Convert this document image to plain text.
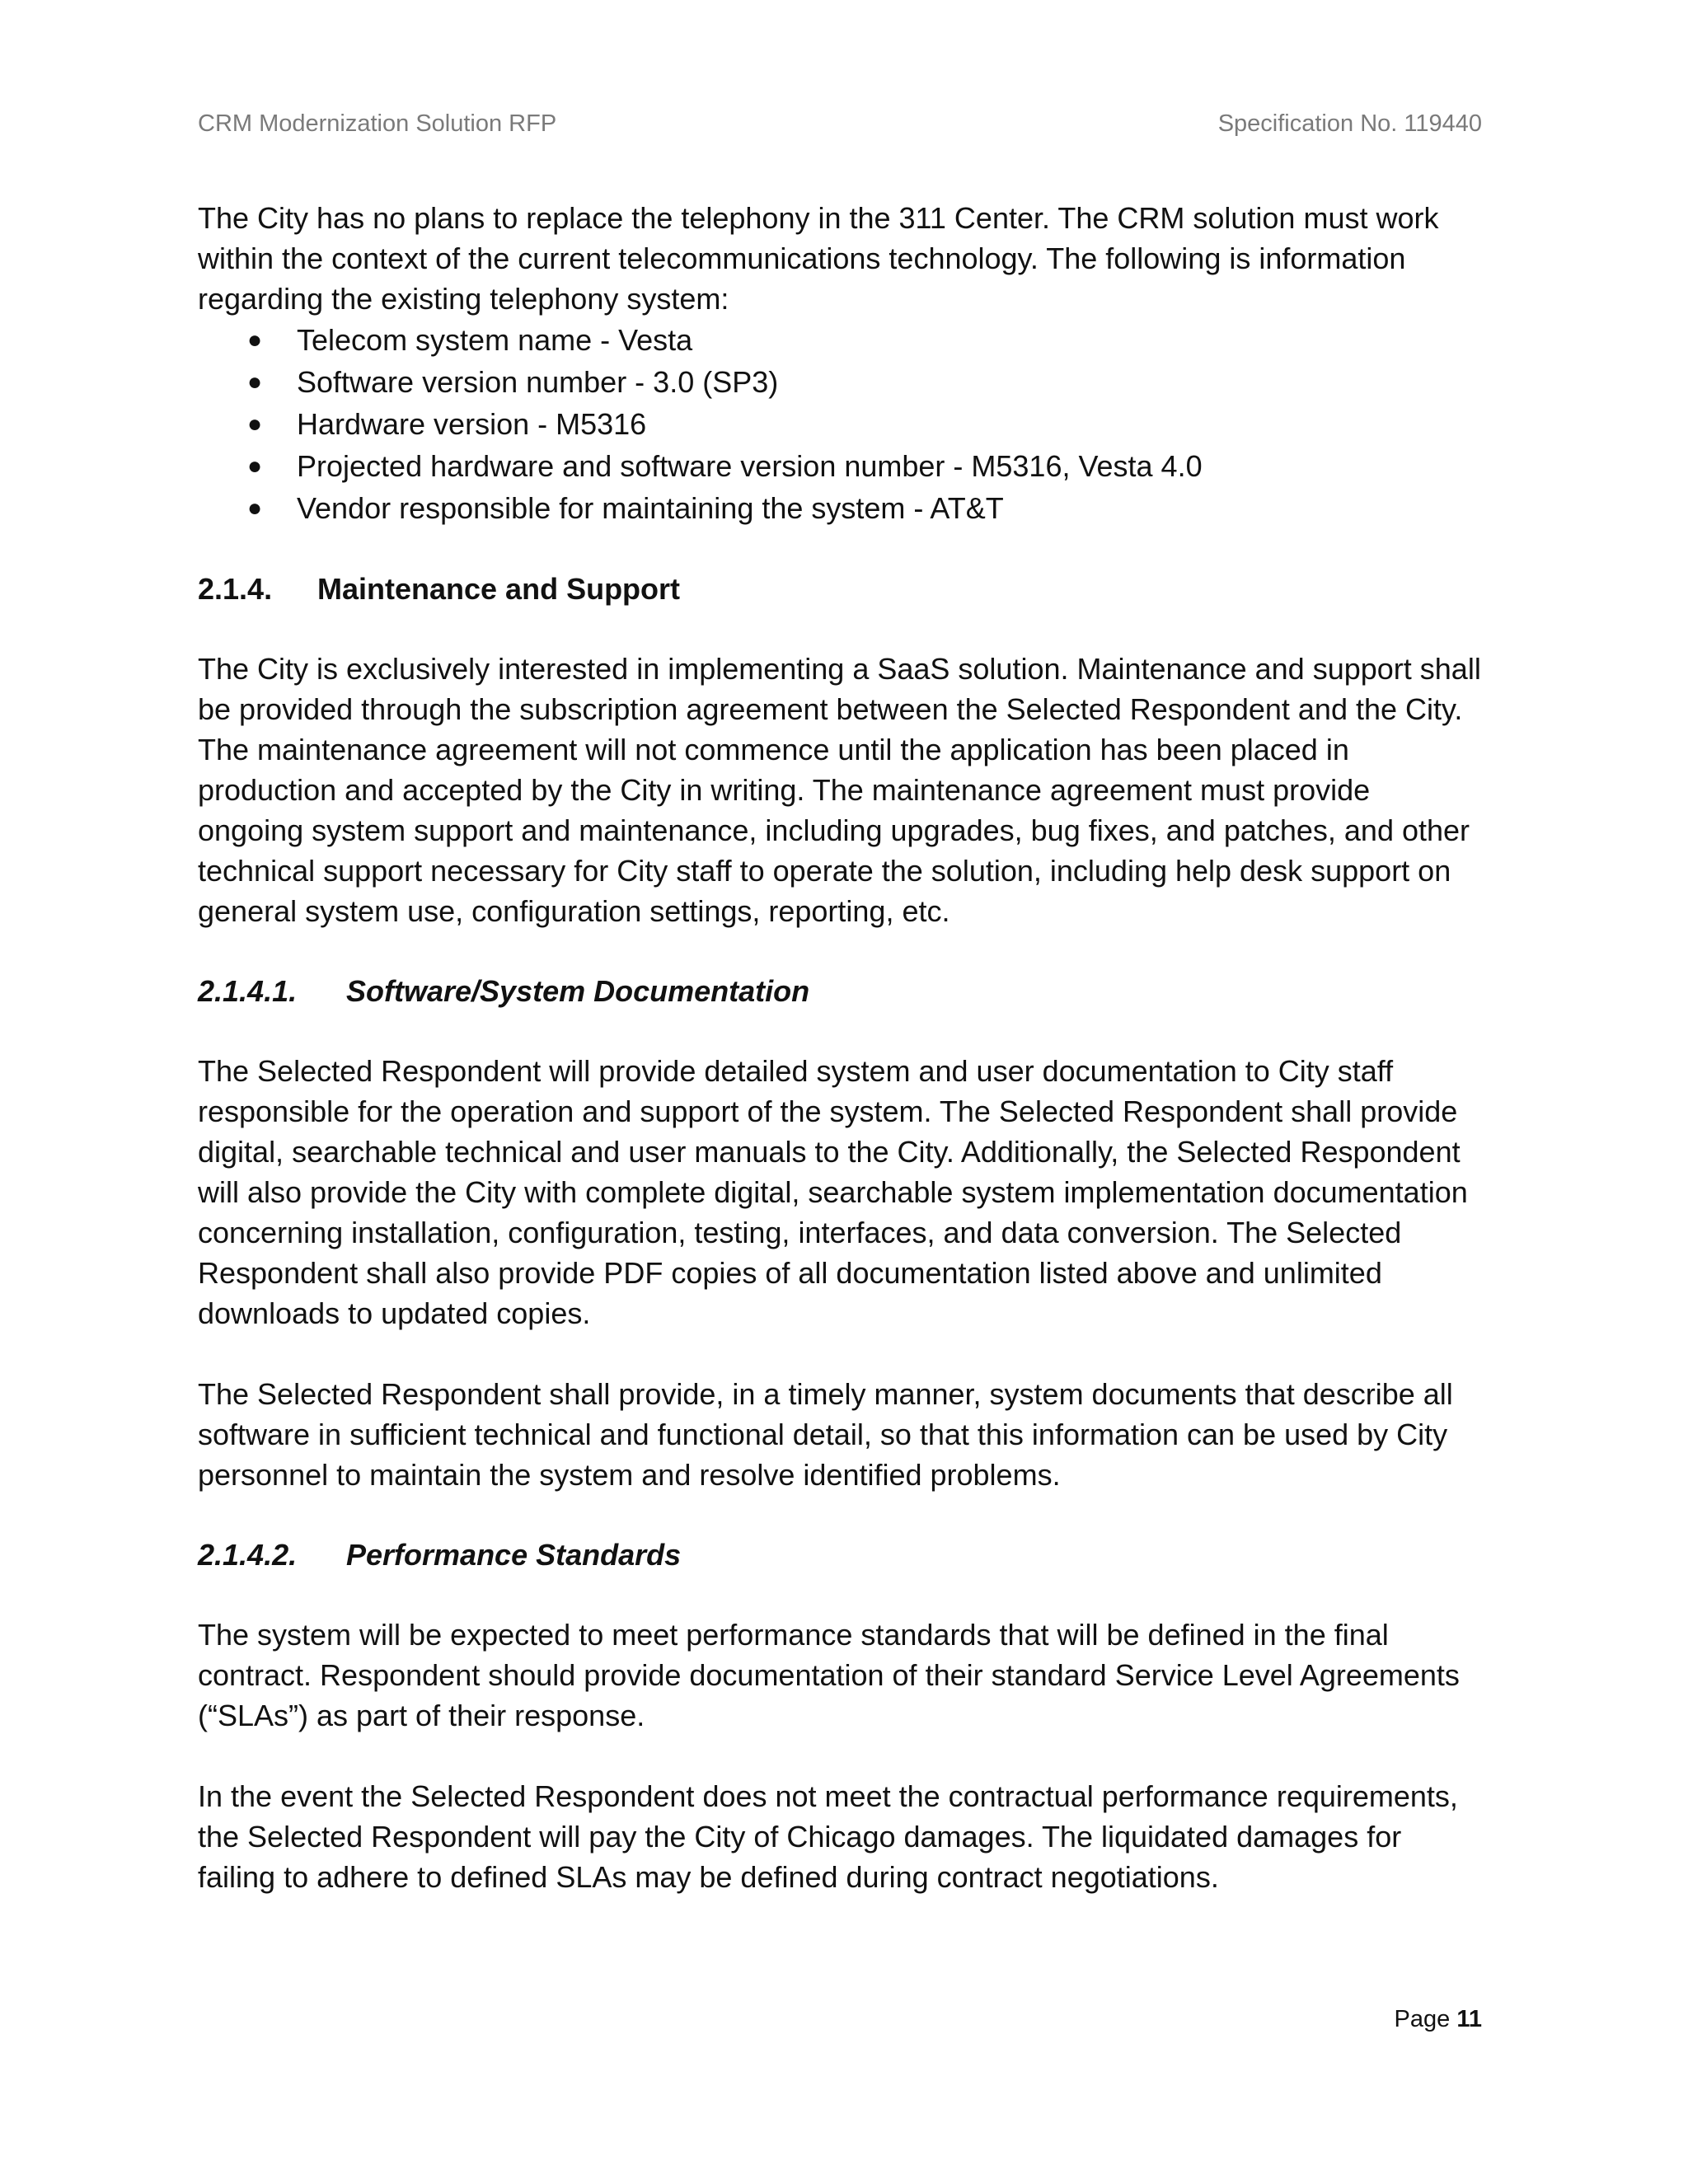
CRM Modernization Solution RFP	Specification No. 119440

The City has no plans to replace the telephony in the 311 Center. The CRM solution must work within the context of the current telecommunications technology. The following is information regarding the existing telephony system:

● Telecom system name - Vesta
● Software version number - 3.0 (SP3)
● Hardware version - M5316
● Projected hardware and software version number - M5316, Vesta 4.0
● Vendor responsible for maintaining the system - AT&T
2.1.4. Maintenance and Support

The City is exclusively interested in implementing a SaaS solution. Maintenance and support shall be provided through the subscription agreement between the Selected Respondent and the City. The maintenance agreement will not commence until the application has been placed in production and accepted by the City in writing. The maintenance agreement must provide ongoing system support and maintenance, including upgrades, bug fixes, and patches, and other technical support necessary for City staff to operate the solution, including help desk support on general system use, configuration settings, reporting, etc.

2.1.4.1. Software/System Documentation

The Selected Respondent will provide detailed system and user documentation to City staff responsible for the operation and support of the system. The Selected Respondent shall provide digital, searchable technical and user manuals to the City. Additionally, the Selected Respondent will also provide the City with complete digital, searchable system implementation documentation concerning installation, configuration, testing, interfaces, and data conversion. The Selected Respondent shall also provide PDF copies of all documentation listed above and unlimited downloads to updated copies.

The Selected Respondent shall provide, in a timely manner, system documents that describe all software in sufficient technical and functional detail, so that this information can be used by City personnel to maintain the system and resolve identified problems.

2.1.4.2. Performance Standards

The system will be expected to meet performance standards that will be defined in the final contract. Respondent should provide documentation of their standard Service Level Agreements (“SLAs”) as part of their response.

In the event the Selected Respondent does not meet the contractual performance requirements, the Selected Respondent will pay the City of Chicago damages. The liquidated damages for failing to adhere to defined SLAs may be defined during contract negotiations.

Page 11
